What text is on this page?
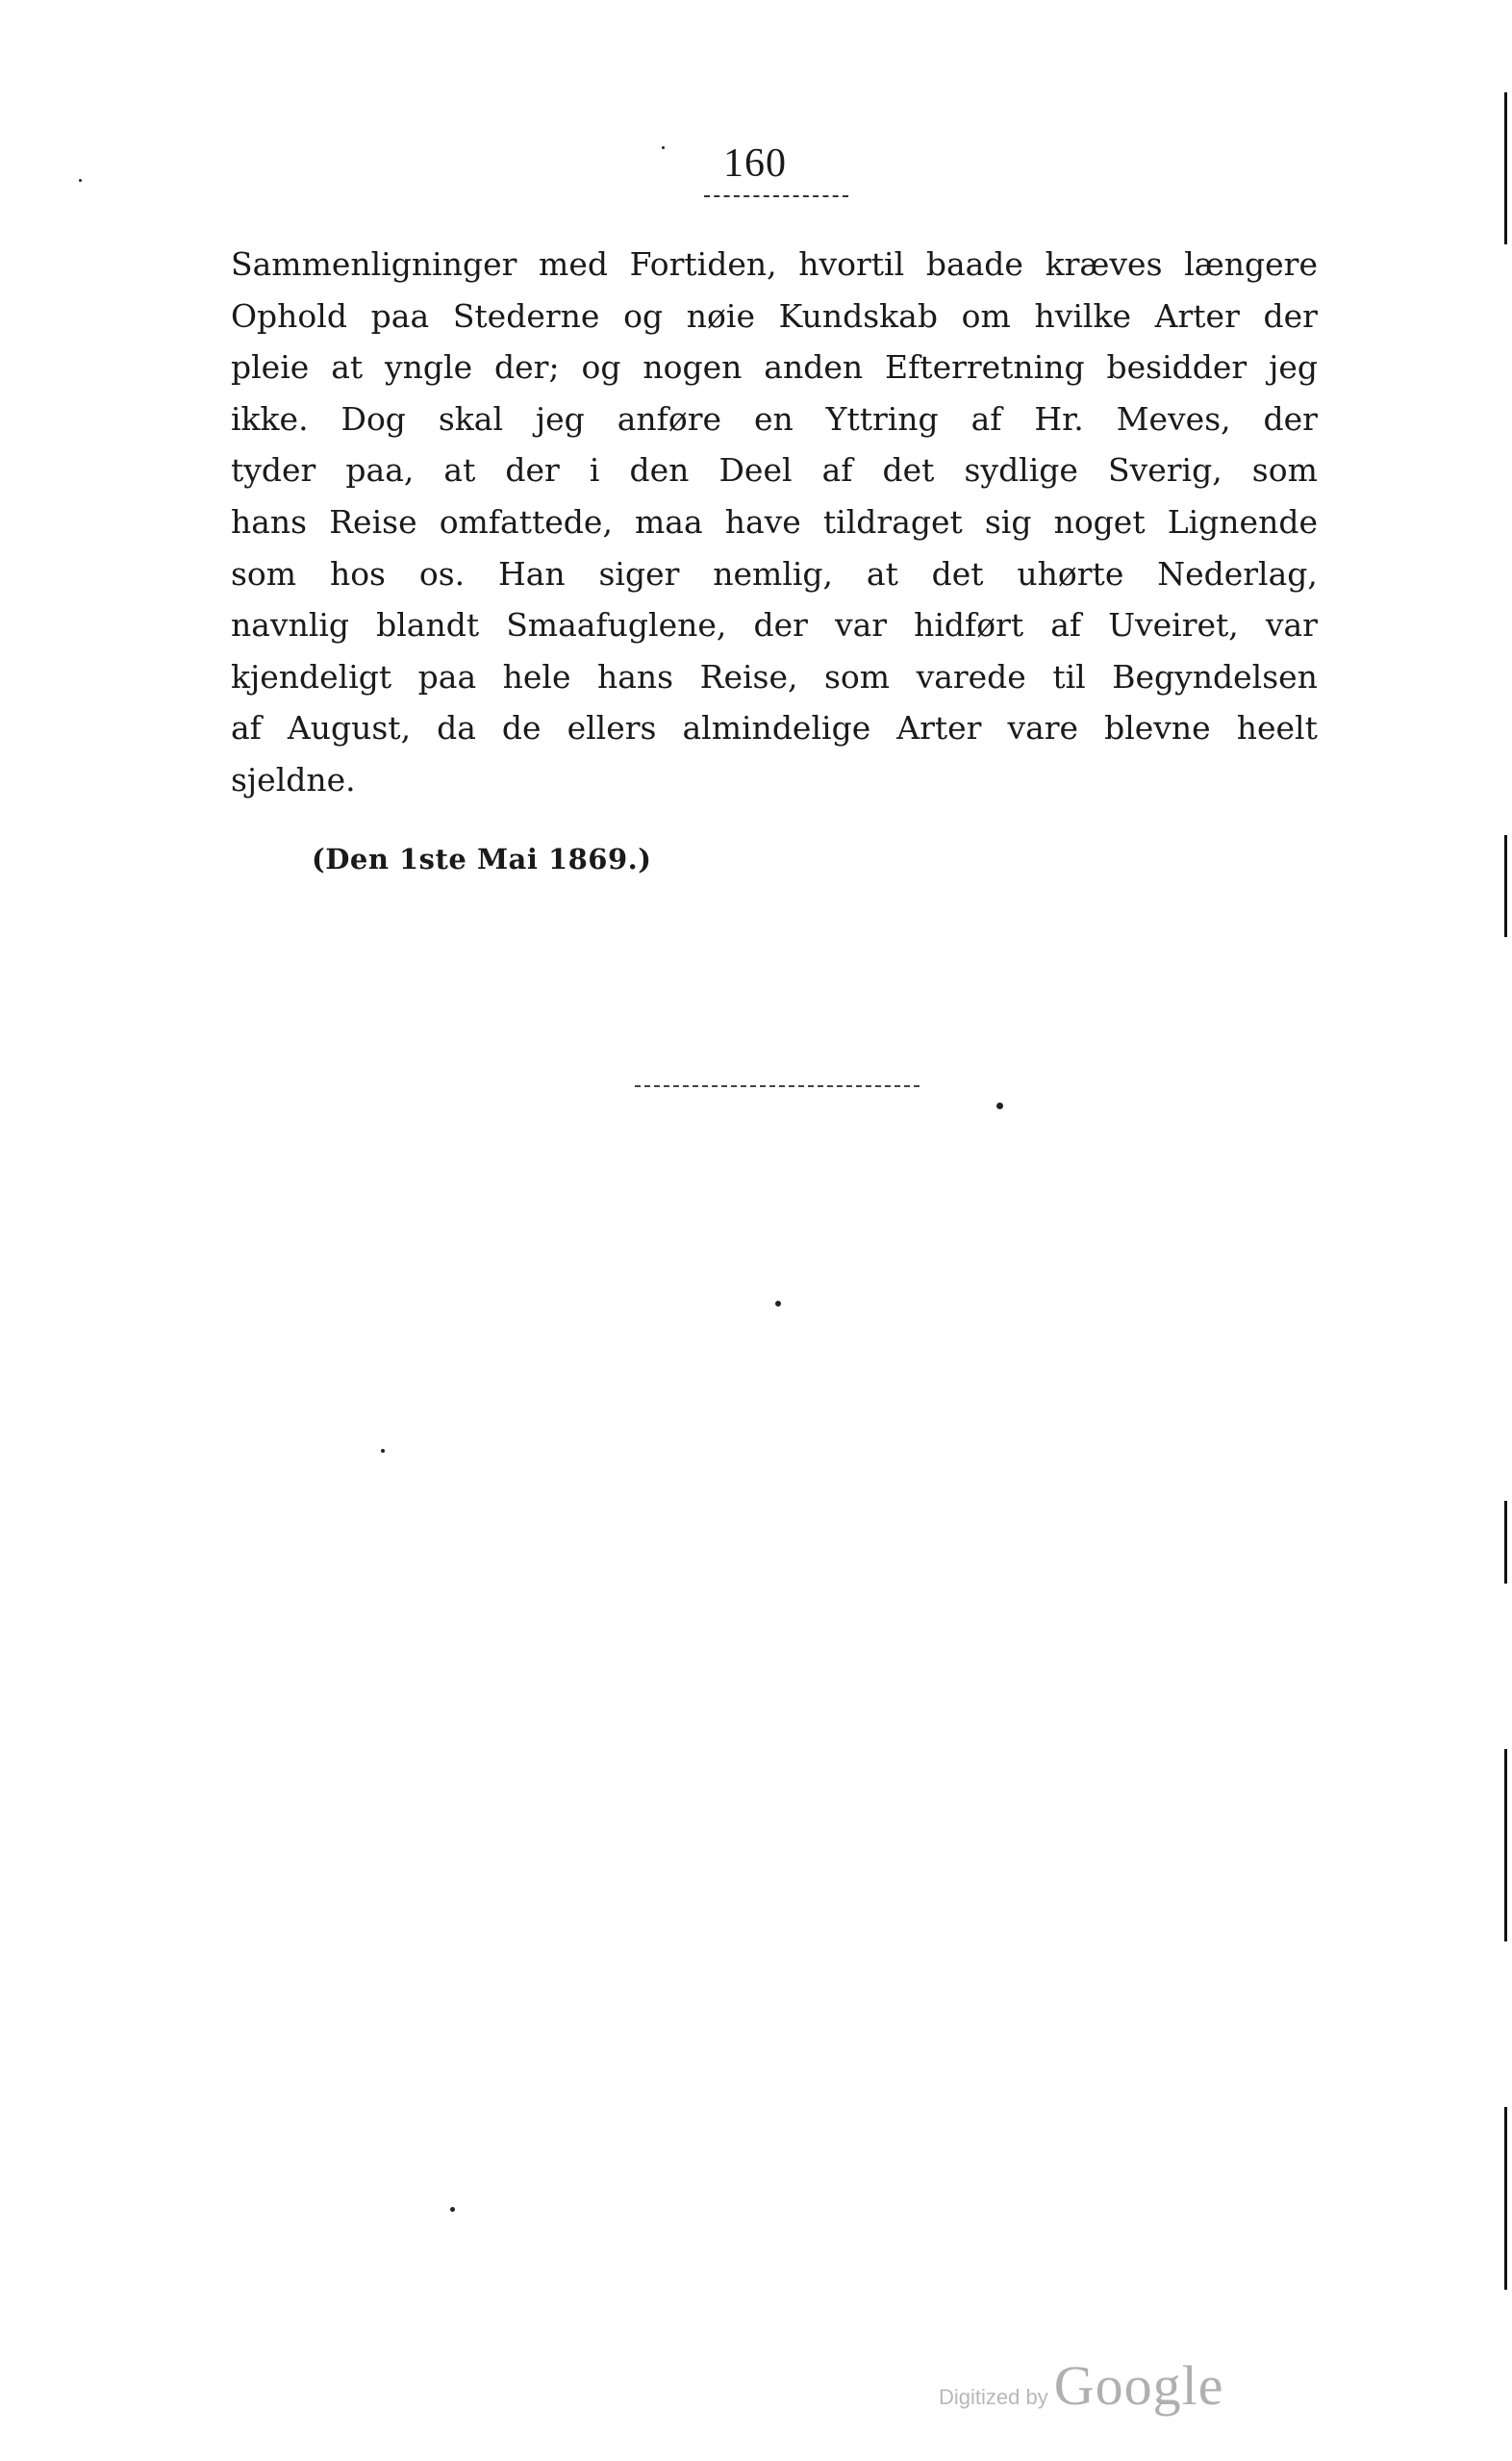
160
Sammenligninger med Fortiden, hvortil baade kræves længere
Ophold paa Stederne og nøie Kundskab om hvilke Arter der
pleie at yngle der; og nogen anden Efterretning besidder jeg
ikke. Dog skal jeg anføre en Yttring af Hr. Meves, der
tyder paa, at der i den Deel af det sydlige Sverig, som
hans Reise omfattede, maa have tildraget sig noget Lignende
som hos os. Han siger nemlig, at det uhørte Nederlag,
navnlig blandt Smaafuglene, der var hidført af Uveiret, var
kjendeligt paa hele hans Reise, som varede til Begyndelsen
af August, da de ellers almindelige Arter vare blevne heelt
sjeldne.
(Den 1ste Mai 1869.)
Digitized by Google
